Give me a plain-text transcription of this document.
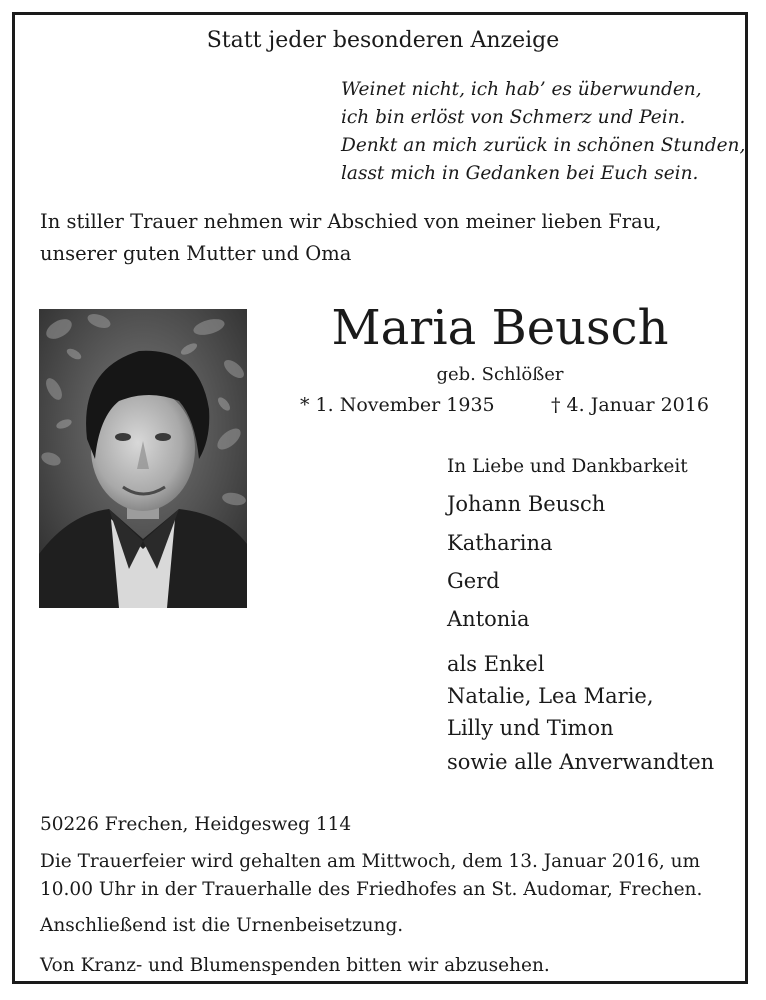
Statt jeder besonderen Anzeige
Weinet nicht, ich hab’ es überwunden,
ich bin erlöst von Schmerz und Pein.
Denkt an mich zurück in schönen Stunden,
lasst mich in Gedanken bei Euch sein.
In stiller Trauer nehmen wir Abschied von meiner lieben Frau, unserer guten Mutter und Oma
Maria Beusch
geb. Schlößer
* 1. November 1935	† 4. Januar 2016
In Liebe und Dankbarkeit
Johann Beusch
Katharina
Gerd
Antonia
als Enkel
Natalie, Lea Marie,
Lilly und Timon
sowie alle Anverwandten
50226 Frechen, Heidgesweg 114
Die Trauerfeier wird gehalten am Mittwoch, dem 13. Januar 2016, um 10.00 Uhr in der Trauerhalle des Friedhofes an St. Audomar, Frechen.
Anschließend ist die Urnenbeisetzung.
Von Kranz- und Blumenspenden bitten wir abzusehen.
